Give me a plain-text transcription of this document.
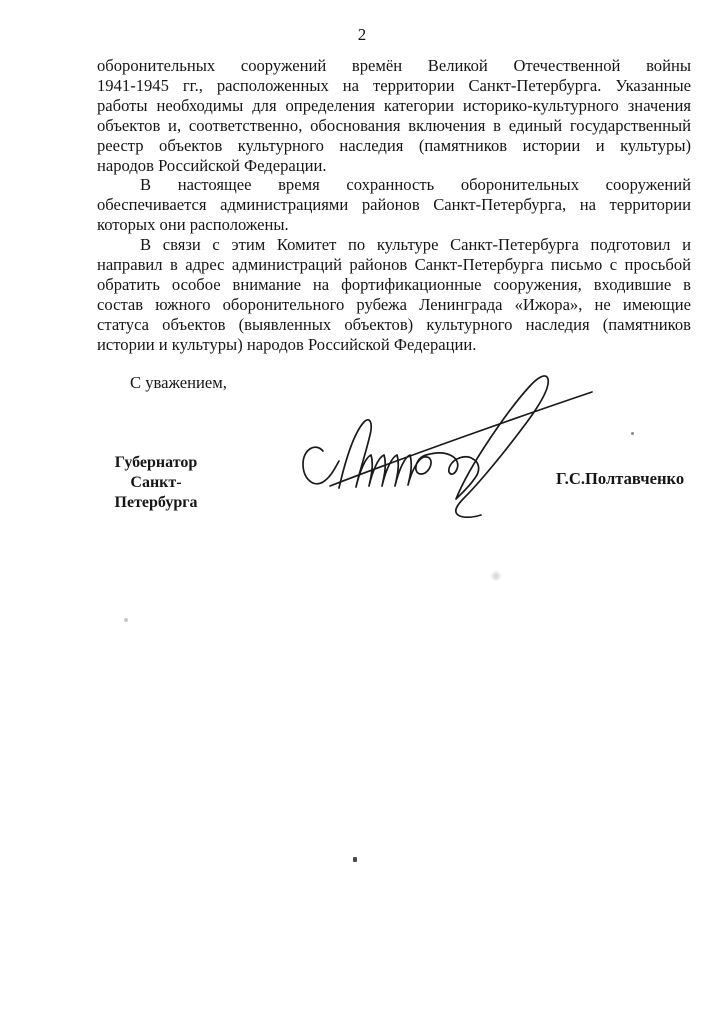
2
оборонительных сооружений времён Великой Отечественной войны
1941-1945 гг., расположенных на территории Санкт-Петербурга. Указанные
работы необходимы для определения категории историко-культурного значения
объектов и, соответственно, обоснования включения в единый государственный
реестр объектов культурного наследия (памятников истории и культуры)
народов Российской Федерации.
В настоящее время сохранность оборонительных сооружений
обеспечивается администрациями районов Санкт-Петербурга, на территории
которых они расположены.
В связи с этим Комитет по культуре Санкт-Петербурга подготовил и
направил в адрес администраций районов Санкт-Петербурга письмо с просьбой
обратить особое внимание на фортификационные сооружения, входившие в
состав южного оборонительного рубежа Ленинграда «Ижора», не имеющие
статуса объектов (выявленных объектов) культурного наследия (памятников
истории и культуры) народов Российской Федерации.
С уважением,
Губернатор
Санкт-Петербурга
Г.С.Полтавченко
